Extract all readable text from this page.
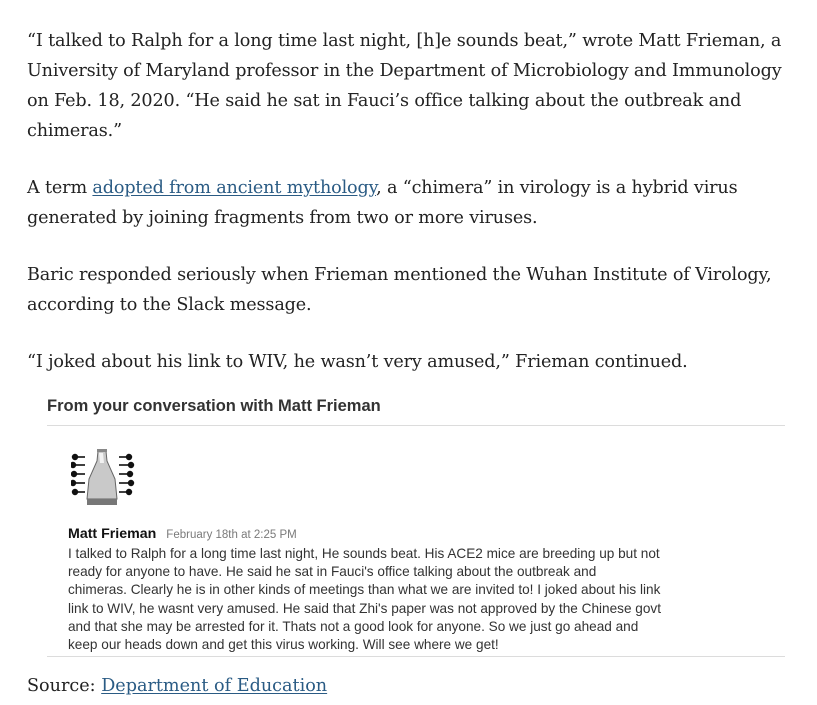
“I talked to Ralph for a long time last night, [h]e sounds beat,” wrote Matt Frieman, a University of Maryland professor in the Department of Microbiology and Immunology on Feb. 18, 2020. “He said he sat in Fauci’s office talking about the outbreak and chimeras.”

A term adopted from ancient mythology, a “chimera” in virology is a hybrid virus generated by joining fragments from two or more viruses.

Baric responded seriously when Frieman mentioned the Wuhan Institute of Virology, according to the Slack message.

“I joked about his link to WIV, he wasn’t very amused,” Frieman continued.

From your conversation with Matt Frieman
Matt Frieman February 18th at 2:25 PM
I talked to Ralph for a long time last night, He sounds beat. His ACE2 mice are breeding up but not
ready for anyone to have. He said he sat in Fauci's office talking about the outbreak and
chimeras. Clearly he is in other kinds of meetings than what we are invited to! I joked about his link
link to WIV, he wasnt very amused. He said that Zhi's paper was not approved by the Chinese govt
and that she may be arrested for it. Thats not a good look for anyone. So we just go ahead and
keep our heads down and get this virus working. Will see where we get!
Source: Department of Education
